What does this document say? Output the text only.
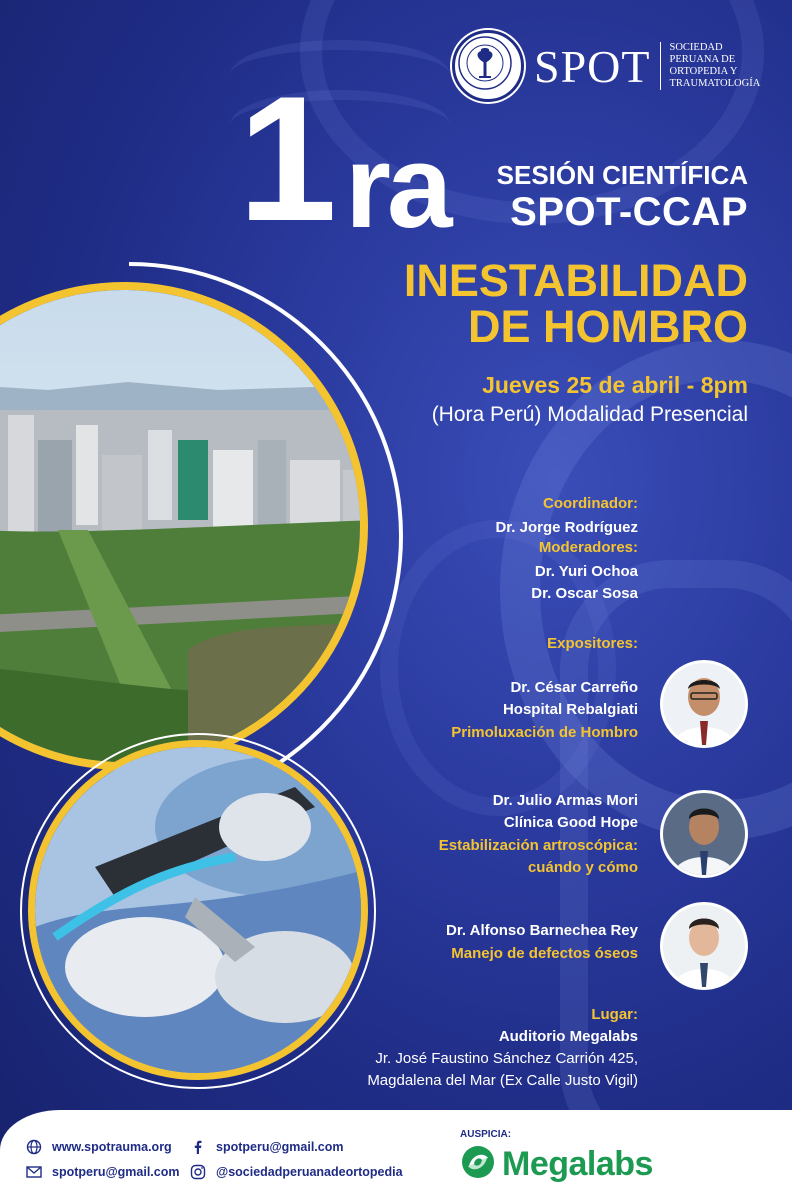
SPOT SOCIEDAD
PERUANA DE
ORTOPEDIA Y
TRAUMATOLOGÍA
1 ra SESIÓN CIENTÍFICA
SPOT-CCAP
INESTABILIDAD
DE HOMBRO
Jueves 25 de abril - 8pm
(Hora Perú) Modalidad Presencial
Coordinador:
Dr. Jorge Rodríguez
Moderadores:
Dr. Yuri Ochoa
Dr. Oscar Sosa
Expositores:
Dr. César Carreño
Hospital Rebalgiati
Primoluxación de Hombro
Dr. Julio Armas Mori
Clínica Good Hope
Estabilización artroscópica:
cuándo y cómo
Dr. Alfonso Barnechea Rey
Manejo de defectos óseos
Lugar:
Auditorio Megalabs
Jr. José Faustino Sánchez Carrión 425,
Magdalena del Mar (Ex Calle Justo Vigil)
www.spotrauma.org
spotperu@gmail.com
spotperu@gmail.com
@sociedadperuanadeortopedia
AUSPICIA:
Megalabs
